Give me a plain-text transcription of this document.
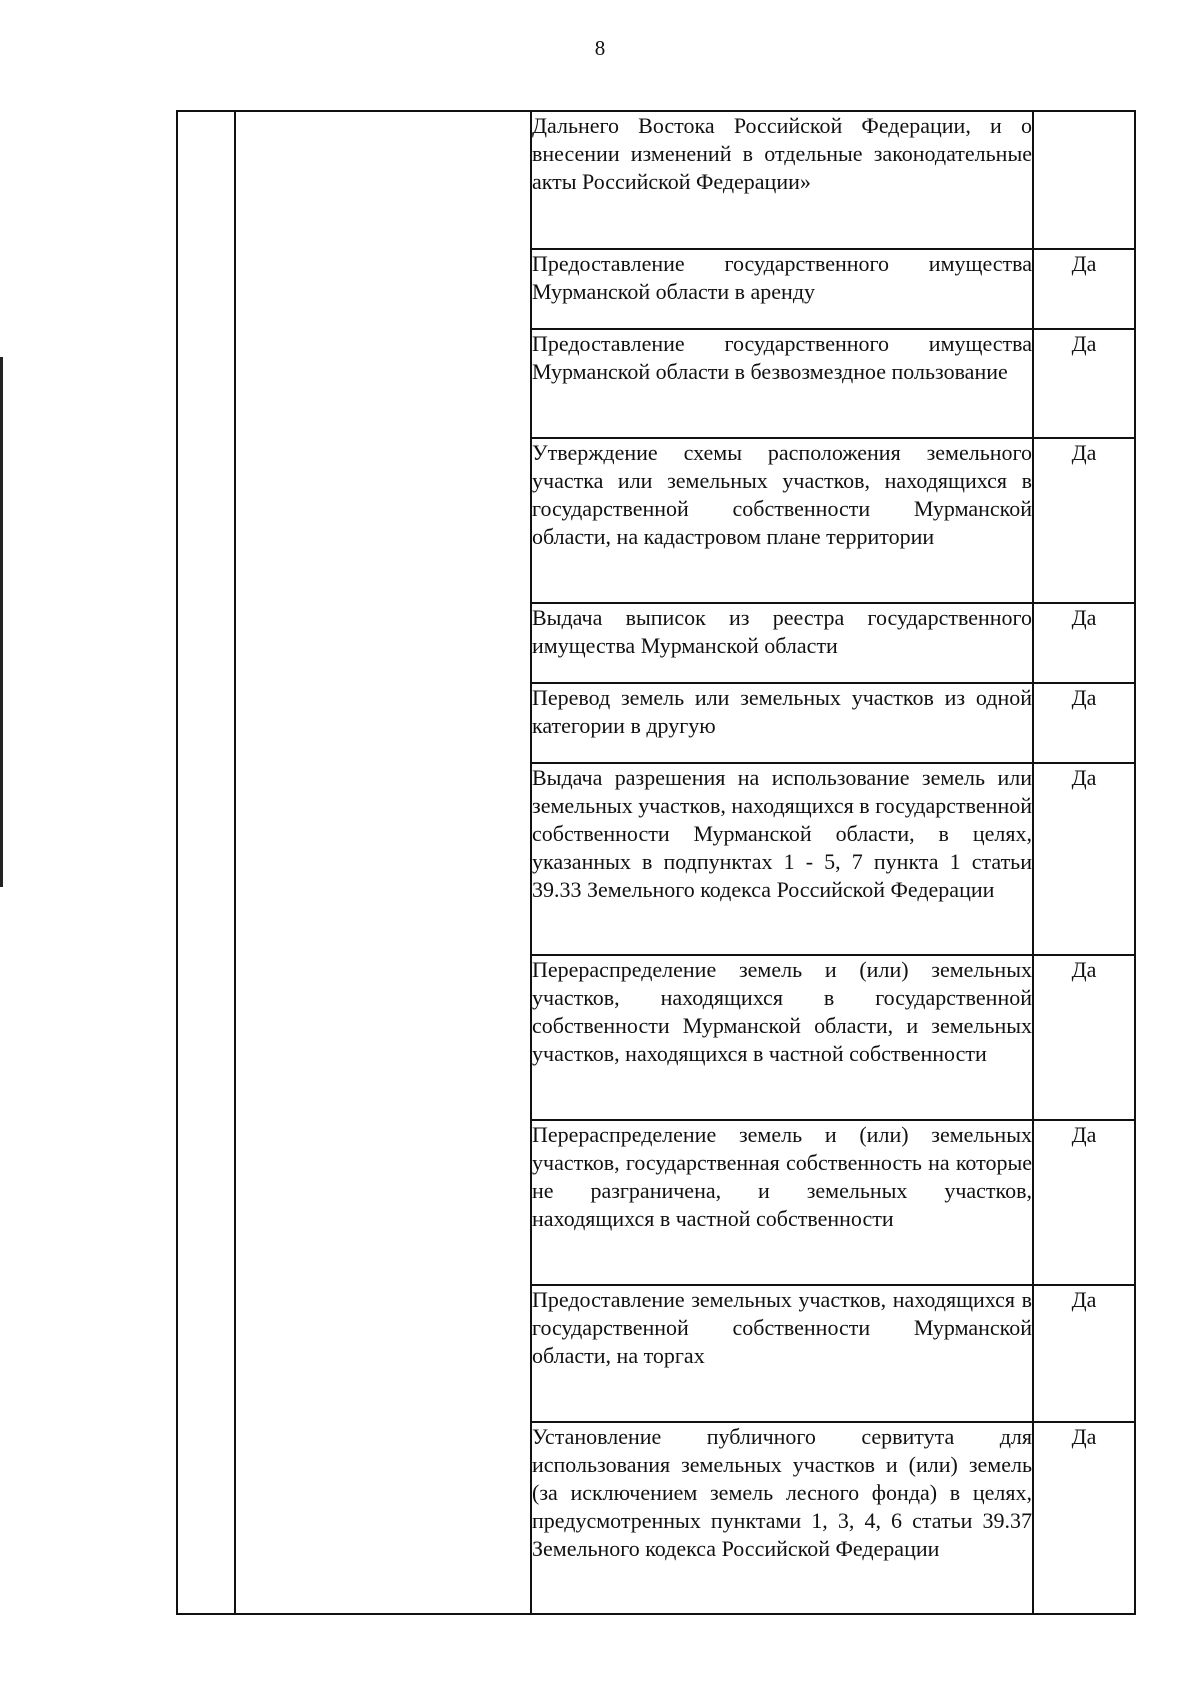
8
		Дальнего Востока Российской Федерации, и о внесении изменений в отдельные законодательные акты Российской Федерации»	
		Предоставление государственного имущества Мурманской области в аренду	Да
		Предоставление государственного имущества Мурманской области в безвозмездное пользование	Да
		Утверждение схемы расположения земельного участка или земельных участков, находящихся в государственной собственности Мурманской области, на кадастровом плане территории	Да
		Выдача выписок из реестра государственного имущества Мурманской области	Да
		Перевод земель или земельных участков из одной категории в другую	Да
		Выдача разрешения на использование земель или земельных участков, находящихся в государственной собственности Мурманской области, в целях, указанных в подпунктах 1 - 5, 7 пункта 1 статьи 39.33 Земельного кодекса Российской Федерации	Да
		Перераспределение земель и (или) земельных участков, находящихся в государственной собственности Мурманской области, и земельных участков, находящихся в частной собственности	Да
		Перераспределение земель и (или) земельных участков, государственная собственность на которые не разграничена, и земельных участков, находящихся в частной собственности	Да
		Предоставление земельных участков, находящихся в государственной собственности Мурманской области, на торгах	Да
		Установление публичного сервитута для использования земельных участков и (или) земель (за исключением земель лесного фонда) в целях, предусмотренных пунктами 1, 3, 4, 6 статьи 39.37 Земельного кодекса Российской Федерации	Да
